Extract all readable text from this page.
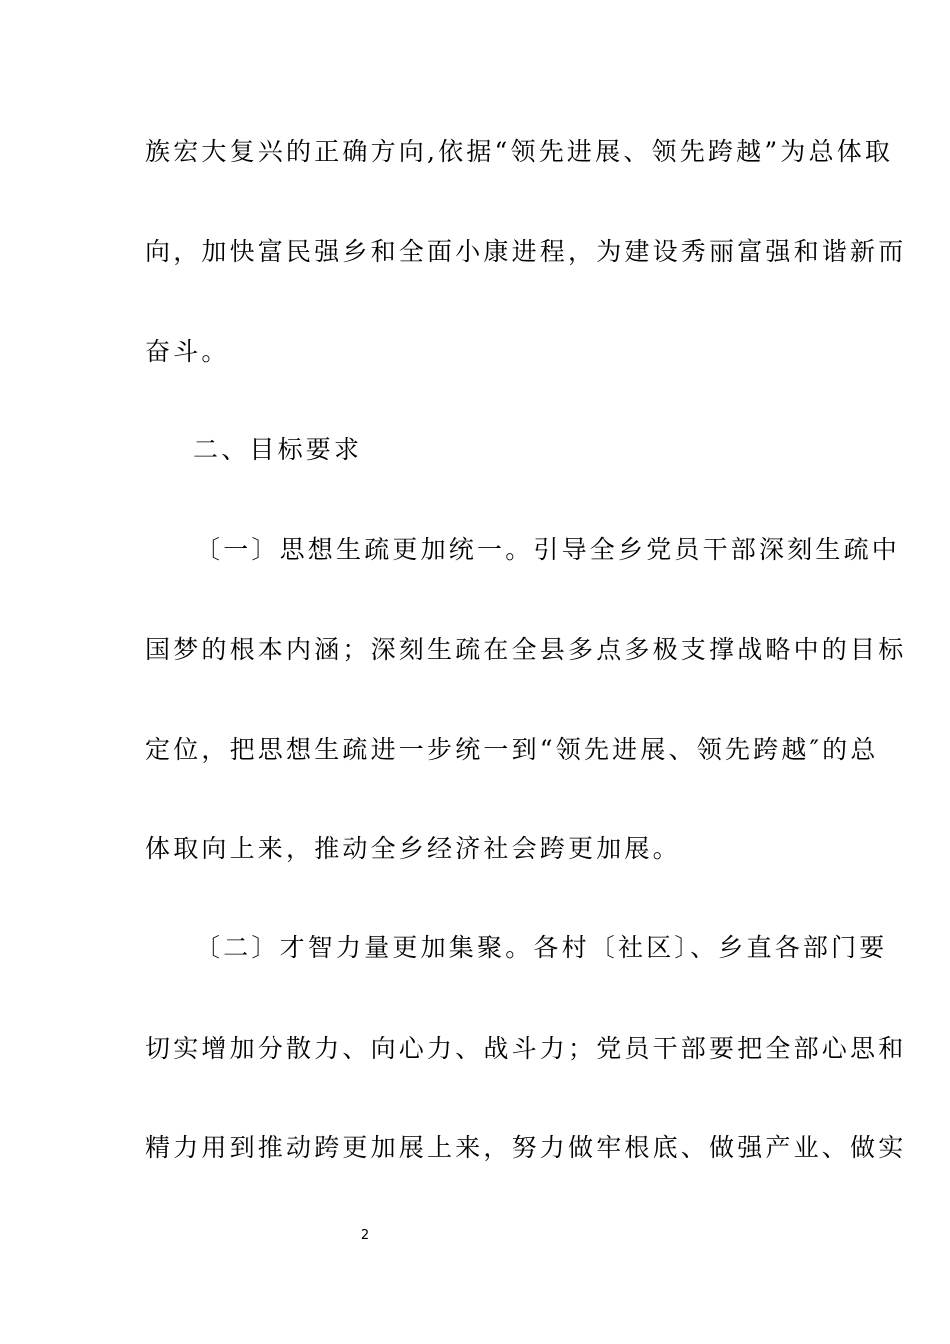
族宏大复兴的正确方向,依据“领先进展、领先跨越”为总体取
向，加快富民强乡和全面小康进程，为建设秀丽富强和谐新而
奋斗。
二、目标要求
〔一〕思想生疏更加统一。引导全乡党员干部深刻生疏中
国梦的根本内涵；深刻生疏在全县多点多极支撑战略中的目标
定位，把思想生疏进一步统一到“领先进展、领先跨越″的总
体取向上来，推动全乡经济社会跨更加展。
〔二〕才智力量更加集聚。各村〔社区〕、乡直各部门要
切实增加分散力、向心力、战斗力；党员干部要把全部心思和
精力用到推动跨更加展上来，努力做牢根底、做强产业、做实
2
